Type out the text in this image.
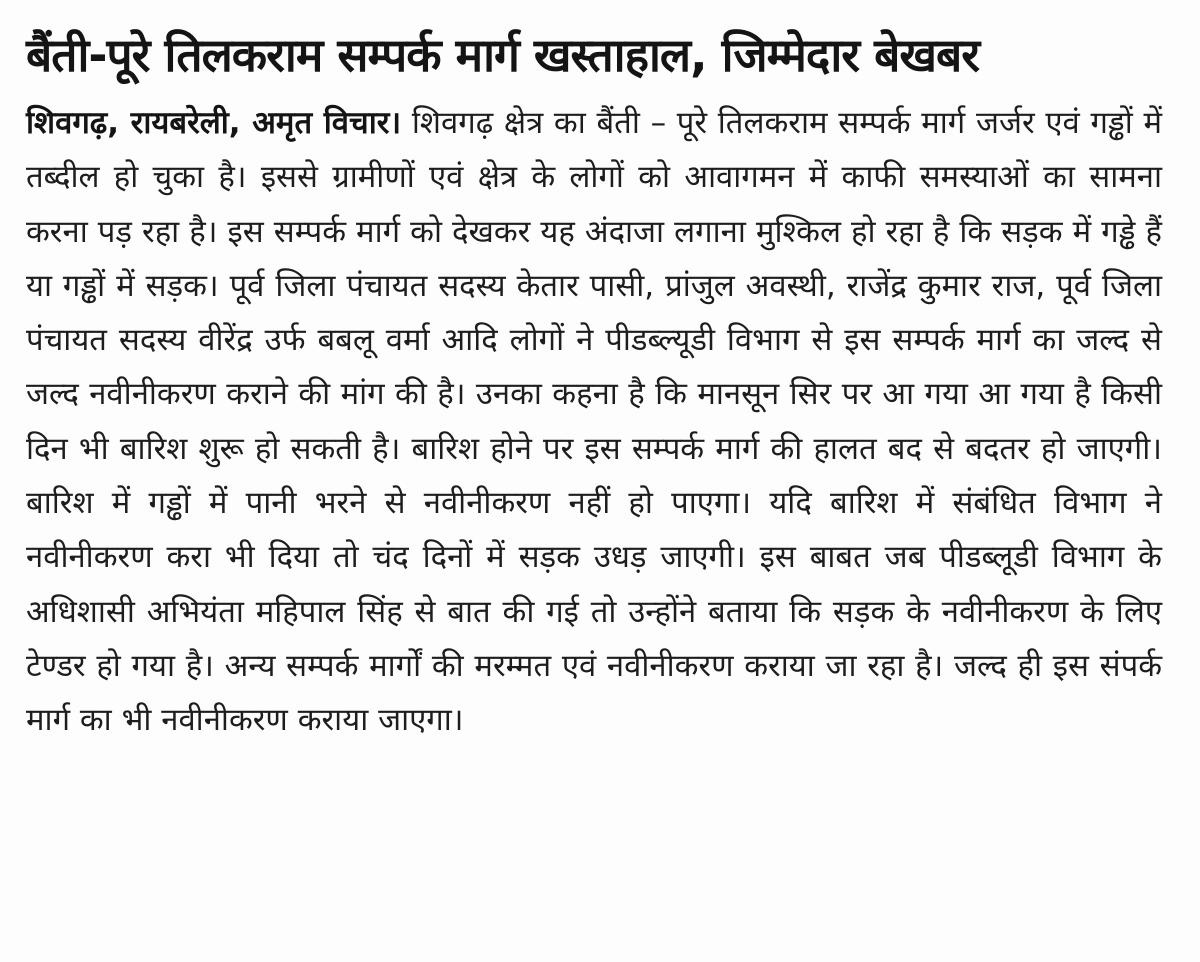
बैंती-पूरे तिलकराम सम्पर्क मार्ग खस्ताहाल, जिम्मेदार बेखबर

शिवगढ़, रायबरेली, अमृत विचार। शिवगढ़ क्षेत्र का बैंती – पूरे तिलकराम सम्पर्क मार्ग जर्जर एवं गड्ढों में तब्दील हो चुका है। इससे ग्रामीणों एवं क्षेत्र के लोगों को आवागमन में काफी समस्याओं का सामना करना पड़ रहा है। इस सम्पर्क मार्ग को देखकर यह अंदाजा लगाना मुश्किल हो रहा है कि सड़क में गड्ढे हैं या गड्ढों में सड़क। पूर्व जिला पंचायत सदस्य केतार पासी, प्रांजुल अवस्थी, राजेंद्र कुमार राज, पूर्व जिला पंचायत सदस्य वीरेंद्र उर्फ बबलू वर्मा आदि लोगों ने पीडब्ल्यूडी विभाग से इस सम्पर्क मार्ग का जल्द से जल्द नवीनीकरण कराने की मांग की है। उनका कहना है कि मानसून सिर पर आ गया आ गया है किसी दिन भी बारिश शुरू हो सकती है। बारिश होने पर इस सम्पर्क मार्ग की हालत बद से बदतर हो जाएगी। बारिश में गड्ढों में पानी भरने से नवीनीकरण नहीं हो पाएगा। यदि बारिश में संबंधित विभाग ने नवीनीकरण करा भी दिया तो चंद दिनों में सड़क उधड़ जाएगी। इस बाबत जब पीडब्लूडी विभाग के अधिशासी अभियंता महिपाल सिंह से बात की गई तो उन्होंने बताया कि सड़क के नवीनीकरण के लिए टेण्डर हो गया है। अन्य सम्पर्क मार्गों की मरम्मत एवं नवीनीकरण कराया जा रहा है। जल्द ही इस संपर्क मार्ग का भी नवीनीकरण कराया जाएगा।
